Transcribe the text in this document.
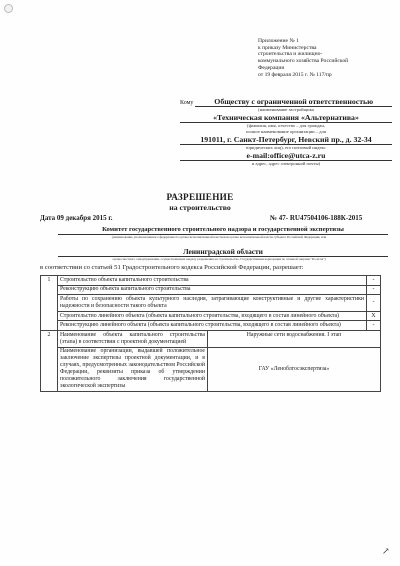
Приложение № 1
к приказу Министерства
строительства и жилищно-
коммунального хозяйства Российской
Федерации
от 19 февраля 2015 г. № 117/пр
Кому	Обществу с ограниченной ответственностью
(наименование застройщика
«Техническая компания «Альтернатива»
(фамилия, имя, отчество – для граждан,
полное наименование организации – для
191011, г. Санкт-Петербург, Невский пр., д. 32-34
юридических лиц), его почтовый индекс
e-mail:office@utca-z.ru
и адрес, адрес электронной почты)
РАЗРЕШЕНИЕ
на строительство
Дата 09 декабря 2015 г.	№ 47- RU47504106-188К-2015
Комитет государственного строительного надзора и государственной экспертизы
(наименование уполномоченного федерального органа исполнительной власти или органа исполнительной власти субъекта Российской Федерации, или
Ленинградской области
органа местного самоуправления, осуществляющих выдачу разрешения на строительство. Государственная корпорация по атомной энергии "Росатом")
в соответствии со статьей 51 Градостроительного кодекса Российской Федерации, разрешает:
1	Строительство объекта капитального строительства		-
	Реконструкцию объекта капитального строительства		-
	Работы по сохранению объекта культурного наследия, затрагивающие конструктивные и другие характеристики надежности и безопасности такого объекта		-
	Строительство линейного объекта (объекта капитального строительства, входящего в состав линейного объекта)		X
	Реконструкцию линейного объекта (объекта капитального строительства, входящего в состав линейного объекта)		-
2	Наименование объекта капитального строительства (этапа) в соответствии с проектной документацией	Наружные сети водоснабжения. I этап	
	Наименование организации, выдавшей положительное заключение экспертизы проектной документации, и в случаях, предусмотренных законодательством Российской Федерации, реквизиты приказа об утверждении положительного заключения государственной экологической экспертизы	ГАУ «Леноблгосэкспертиза»	
↗
